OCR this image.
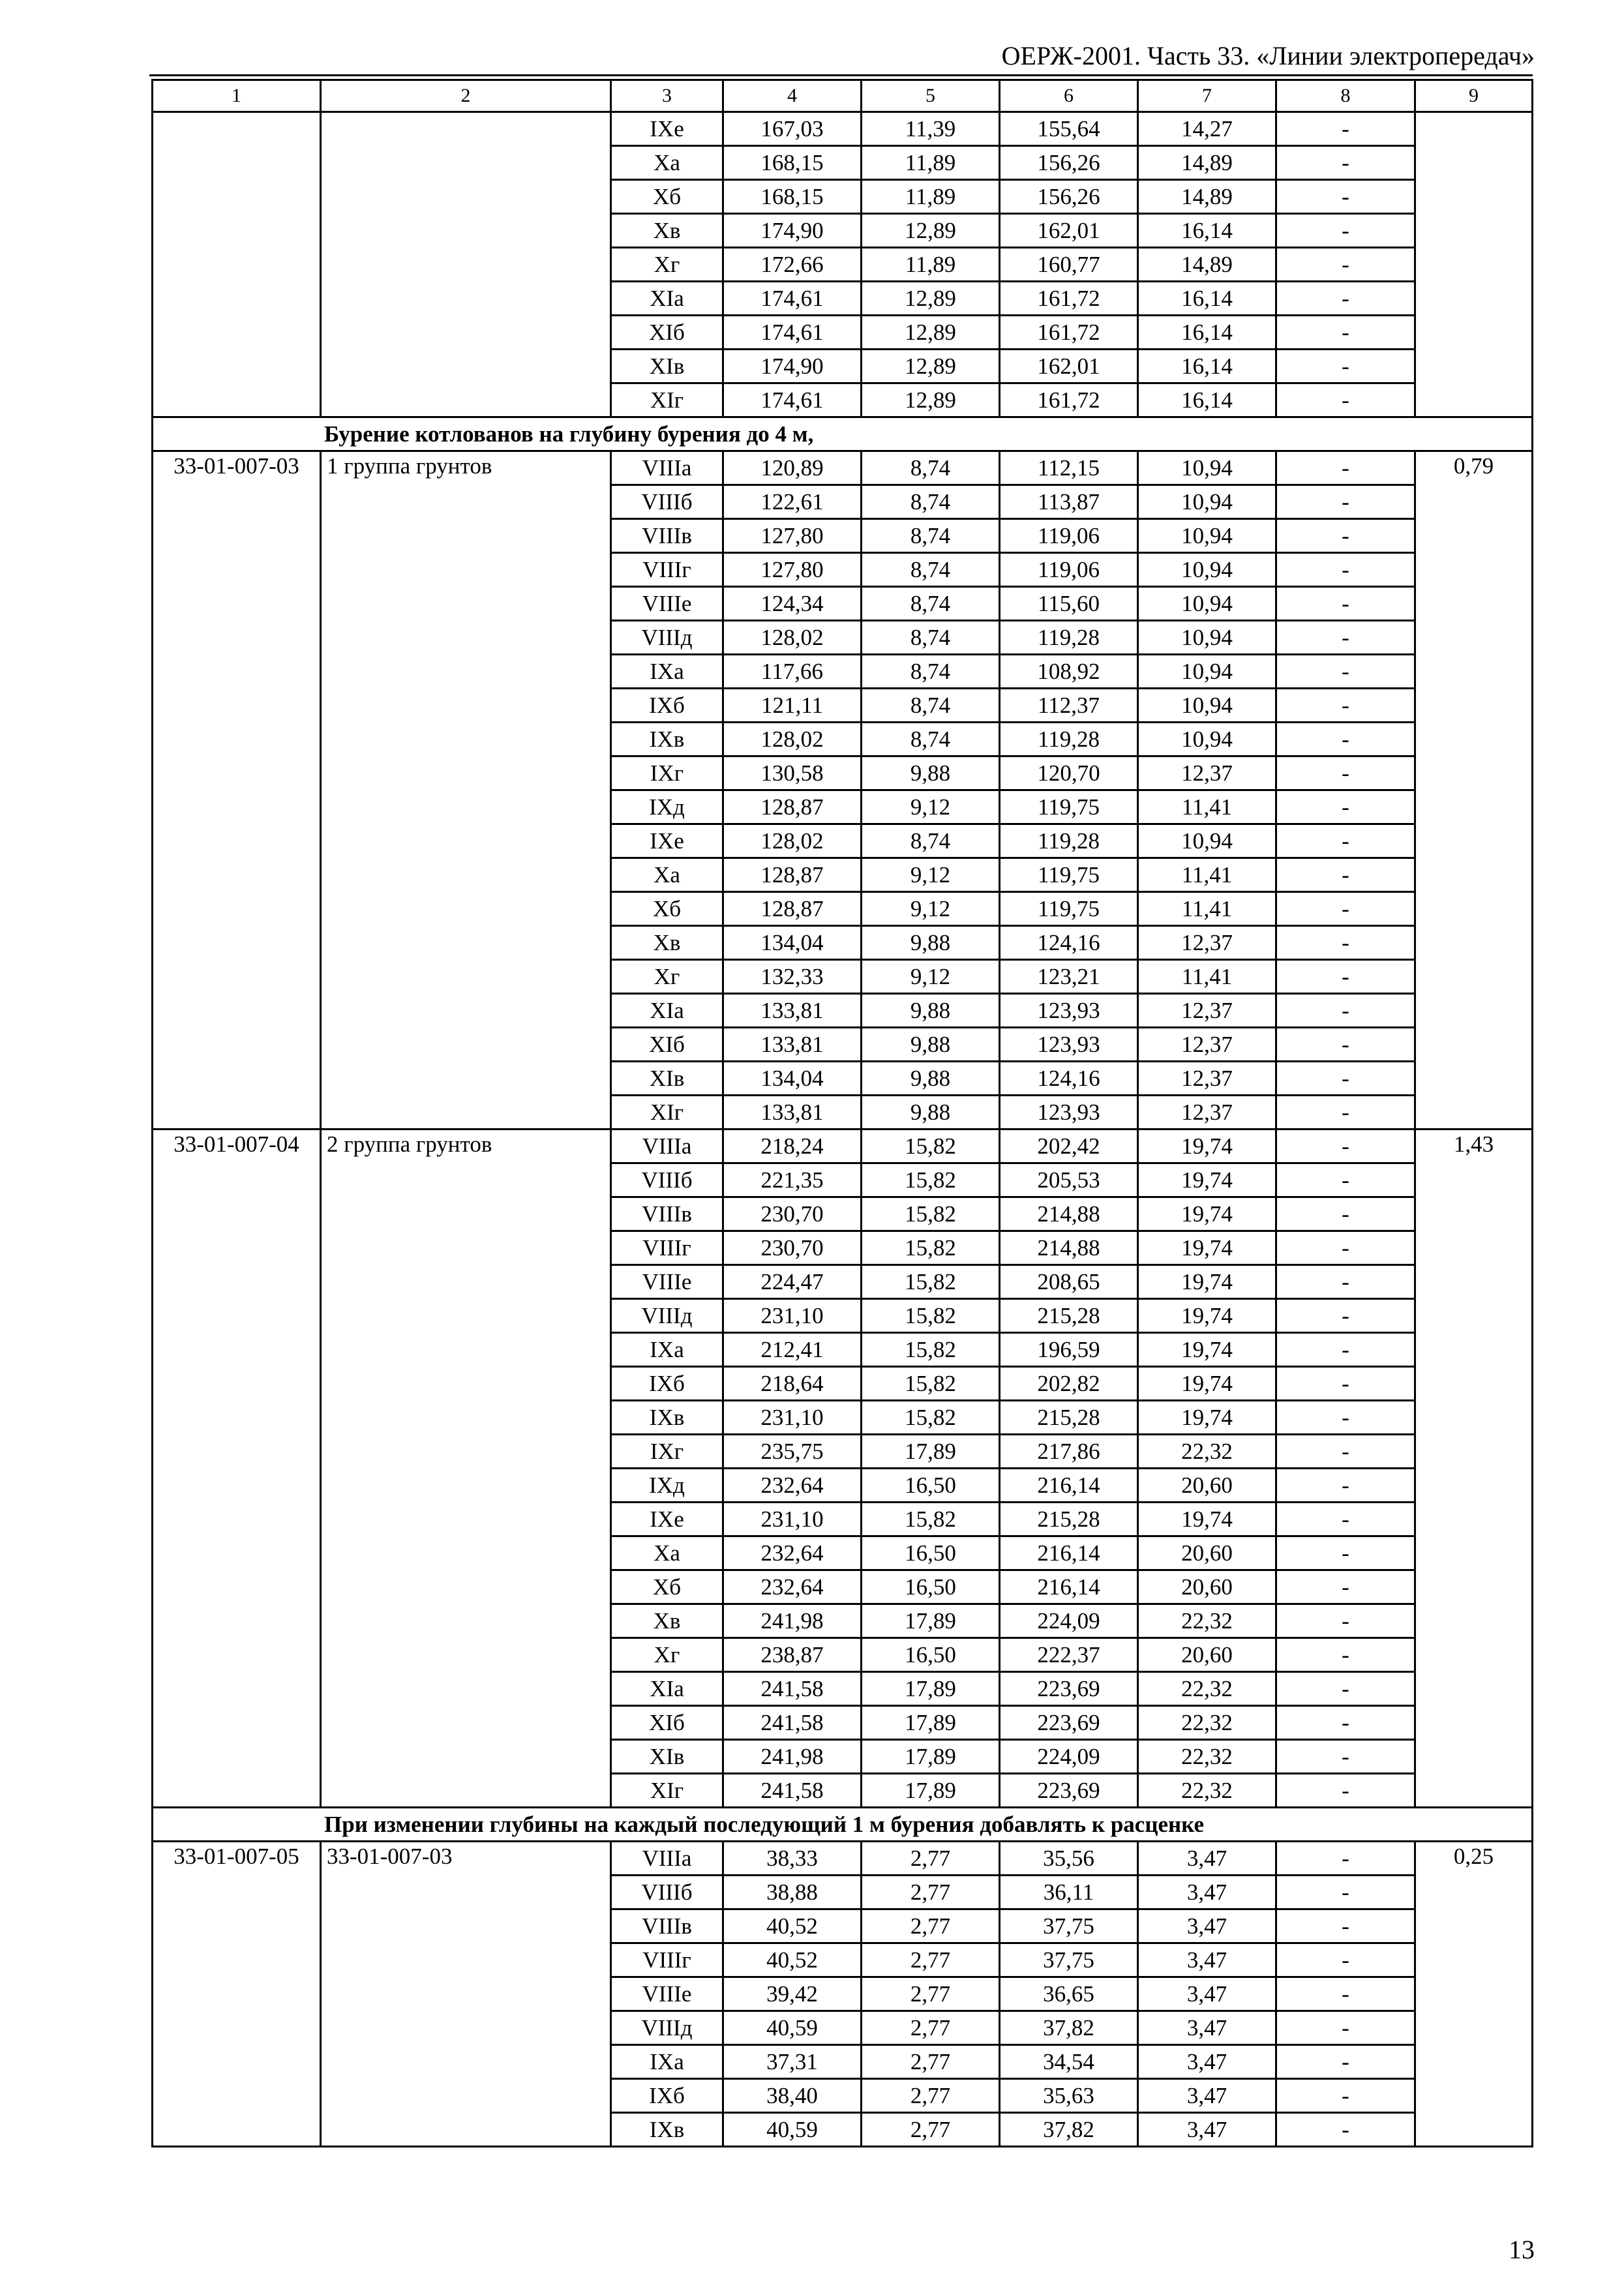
ОЕРЖ-2001. Часть 33. «Линии электропередач»
1	2	3	4	5	6	7	8	9
		IXe	167,03	11,39	155,64	14,27	-	
		Xa	168,15	11,89	156,26	14,89	-	
		Xб	168,15	11,89	156,26	14,89	-	
		Xв	174,90	12,89	162,01	16,14	-	
		Xг	172,66	11,89	160,77	14,89	-	
		XIa	174,61	12,89	161,72	16,14	-	
		XIб	174,61	12,89	161,72	16,14	-	
		XIв	174,90	12,89	162,01	16,14	-	
		XIг	174,61	12,89	161,72	16,14	-	
Бурение котлованов на глубину бурения до 4 м,								
33-01-007-03	1 группа грунтов	VIIIa	120,89	8,74	112,15	10,94	-	0,79
		VIIIб	122,61	8,74	113,87	10,94	-	
		VIIIв	127,80	8,74	119,06	10,94	-	
		VIIIг	127,80	8,74	119,06	10,94	-	
		VIIIe	124,34	8,74	115,60	10,94	-	
		VIIIд	128,02	8,74	119,28	10,94	-	
		IXa	117,66	8,74	108,92	10,94	-	
		IXб	121,11	8,74	112,37	10,94	-	
		IXв	128,02	8,74	119,28	10,94	-	
		IXг	130,58	9,88	120,70	12,37	-	
		IXд	128,87	9,12	119,75	11,41	-	
		IXe	128,02	8,74	119,28	10,94	-	
		Xa	128,87	9,12	119,75	11,41	-	
		Xб	128,87	9,12	119,75	11,41	-	
		Xв	134,04	9,88	124,16	12,37	-	
		Xг	132,33	9,12	123,21	11,41	-	
		XIa	133,81	9,88	123,93	12,37	-	
		XIб	133,81	9,88	123,93	12,37	-	
		XIв	134,04	9,88	124,16	12,37	-	
		XIг	133,81	9,88	123,93	12,37	-	
33-01-007-04	2 группа грунтов	VIIIa	218,24	15,82	202,42	19,74	-	1,43
		VIIIб	221,35	15,82	205,53	19,74	-	
		VIIIв	230,70	15,82	214,88	19,74	-	
		VIIIг	230,70	15,82	214,88	19,74	-	
		VIIIe	224,47	15,82	208,65	19,74	-	
		VIIIд	231,10	15,82	215,28	19,74	-	
		IXa	212,41	15,82	196,59	19,74	-	
		IXб	218,64	15,82	202,82	19,74	-	
		IXв	231,10	15,82	215,28	19,74	-	
		IXг	235,75	17,89	217,86	22,32	-	
		IXд	232,64	16,50	216,14	20,60	-	
		IXe	231,10	15,82	215,28	19,74	-	
		Xa	232,64	16,50	216,14	20,60	-	
		Xб	232,64	16,50	216,14	20,60	-	
		Xв	241,98	17,89	224,09	22,32	-	
		Xг	238,87	16,50	222,37	20,60	-	
		XIa	241,58	17,89	223,69	22,32	-	
		XIб	241,58	17,89	223,69	22,32	-	
		XIв	241,98	17,89	224,09	22,32	-	
		XIг	241,58	17,89	223,69	22,32	-	
При изменении глубины на каждый последующий 1 м бурения добавлять к расценке								
33-01-007-05	33-01-007-03	VIIIa	38,33	2,77	35,56	3,47	-	0,25
		VIIIб	38,88	2,77	36,11	3,47	-	
		VIIIв	40,52	2,77	37,75	3,47	-	
		VIIIг	40,52	2,77	37,75	3,47	-	
		VIIIe	39,42	2,77	36,65	3,47	-	
		VIIIд	40,59	2,77	37,82	3,47	-	
		IXa	37,31	2,77	34,54	3,47	-	
		IXб	38,40	2,77	35,63	3,47	-	
		IXв	40,59	2,77	37,82	3,47	-	
13
